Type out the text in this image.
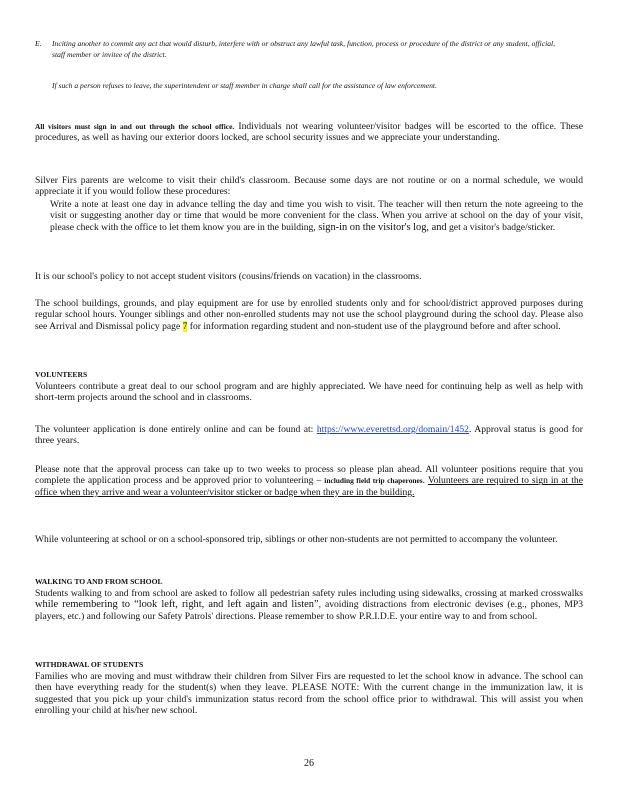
E. Inciting another to commit any act that would disturb, interfere with or obstruct any lawful task, function, process or procedure of the district or any student, official, staff member or invitee of the district.

If such a person refuses to leave, the superintendent or staff member in charge shall call for the assistance of law enforcement.

All visitors must sign in and out through the school office. Individuals not wearing volunteer/visitor badges will be escorted to the office. These procedures, as well as having our exterior doors locked, are school security issues and we appreciate your understanding.

Silver Firs parents are welcome to visit their child's classroom. Because some days are not routine or on a normal schedule, we would appreciate it if you would follow these procedures:

Write a note at least one day in advance telling the day and time you wish to visit. The teacher will then return the note agreeing to the visit or suggesting another day or time that would be more convenient for the class. When you arrive at school on the day of your visit, please check with the office to let them know you are in the building, sign-in on the visitor's log, and get a visitor's badge/sticker.

It is our school's policy to not accept student visitors (cousins/friends on vacation) in the classrooms.

The school buildings, grounds, and play equipment are for use by enrolled students only and for school/district approved purposes during regular school hours. Younger siblings and other non-enrolled students may not use the school playground during the school day. Please also see Arrival and Dismissal policy page 7 for information regarding student and non-student use of the playground before and after school.

VOLUNTEERS

Volunteers contribute a great deal to our school program and are highly appreciated. We have need for continuing help as well as help with short-term projects around the school and in classrooms.

The volunteer application is done entirely online and can be found at: https://www.everettsd.org/domain/1452. Approval status is good for three years.

Please note that the approval process can take up to two weeks to process so please plan ahead. All volunteer positions require that you complete the application process and be approved prior to volunteering – including field trip chaperones. Volunteers are required to sign in at the office when they arrive and wear a volunteer/visitor sticker or badge when they are in the building.

While volunteering at school or on a school-sponsored trip, siblings or other non-students are not permitted to accompany the volunteer.

WALKING TO AND FROM SCHOOL

Students walking to and from school are asked to follow all pedestrian safety rules including using sidewalks, crossing at marked crosswalks while remembering to “look left, right, and left again and listen”, avoiding distractions from electronic devises (e.g., phones, MP3 players, etc.) and following our Safety Patrols' directions. Please remember to show P.R.I.D.E. your entire way to and from school.

WITHDRAWAL OF STUDENTS

Families who are moving and must withdraw their children from Silver Firs are requested to let the school know in advance. The school can then have everything ready for the student(s) when they leave. PLEASE NOTE: With the current change in the immunization law, it is suggested that you pick up your child's immunization status record from the school office prior to withdrawal. This will assist you when enrolling your child at his/her new school.

26
